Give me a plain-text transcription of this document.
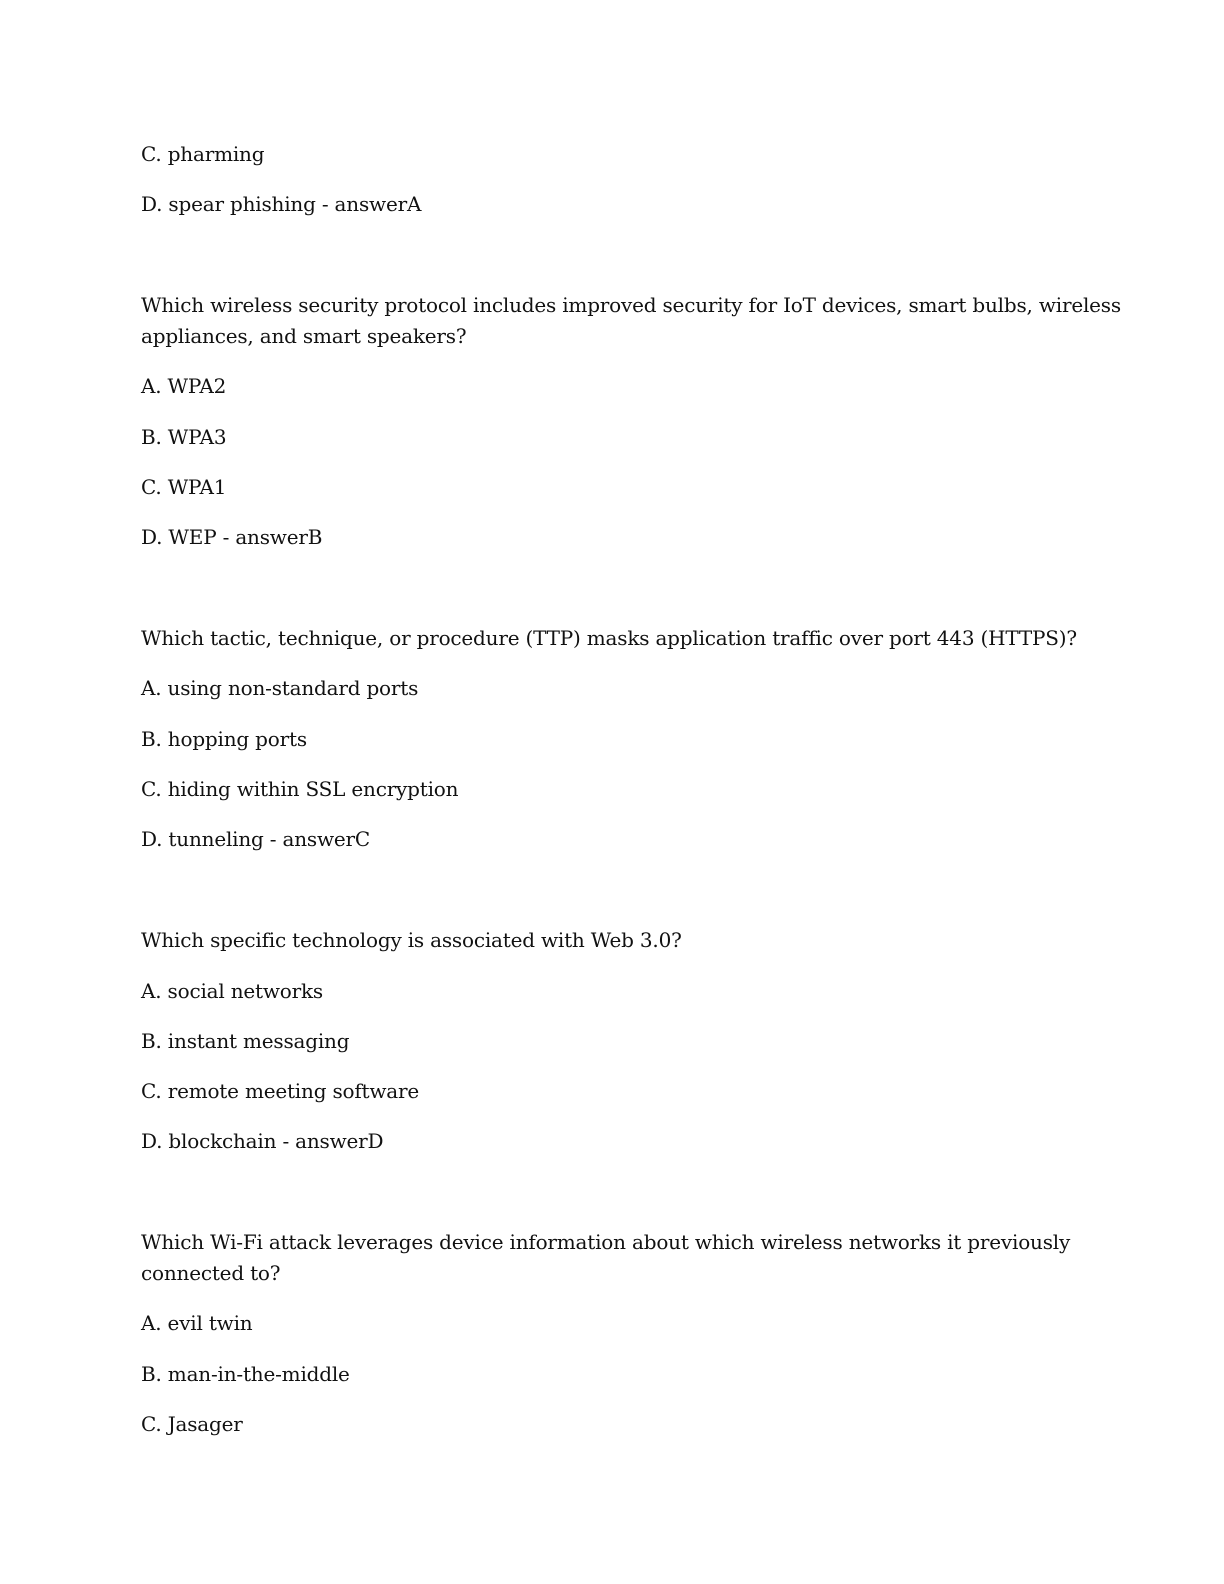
C. pharming

D. spear phishing - answerA

Which wireless security protocol includes improved security for IoT devices, smart bulbs, wireless

appliances, and smart speakers?

A. WPA2

B. WPA3

C. WPA1

D. WEP - answerB

Which tactic, technique, or procedure (TTP) masks application traffic over port 443 (HTTPS)?

A. using non-standard ports

B. hopping ports

C. hiding within SSL encryption

D. tunneling - answerC

Which specific technology is associated with Web 3.0?

A. social networks

B. instant messaging

C. remote meeting software

D. blockchain - answerD

Which Wi-Fi attack leverages device information about which wireless networks it previously

connected to?

A. evil twin

B. man-in-the-middle

C. Jasager
